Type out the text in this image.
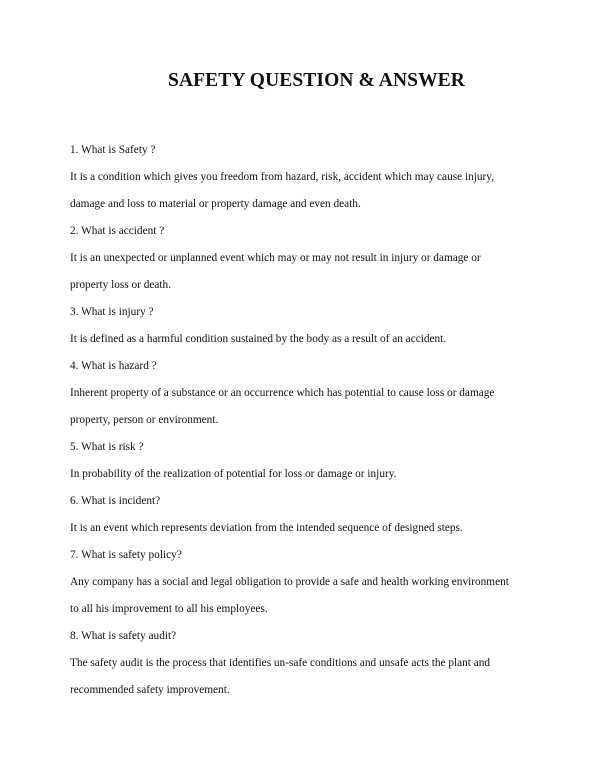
SAFETY QUESTION & ANSWER
1. What is Safety ?
It is a condition which gives you freedom from hazard, risk, accident which may cause injury,
damage and loss to material or property damage and even death.
2. What is accident ?
It is an unexpected or unplanned event which may or may not result in injury or damage or
property loss or death.
3. What is injury ?
It is defined as a harmful condition sustained by the body as a result of an accident.
4. What is hazard ?
Inherent property of a substance or an occurrence which has potential to cause loss or damage
property, person or environment.
5. What is risk ?
In probability of the realization of potential for loss or damage or injury.
6. What is incident?
It is an event which represents deviation from the intended sequence of designed steps.
7. What is safety policy?
Any company has a social and legal obligation to provide a safe and health working environment
to all his improvement to all his employees.
8. What is safety audit?
The safety audit is the process that identifies un-safe conditions and unsafe acts the plant and
recommended safety improvement.
